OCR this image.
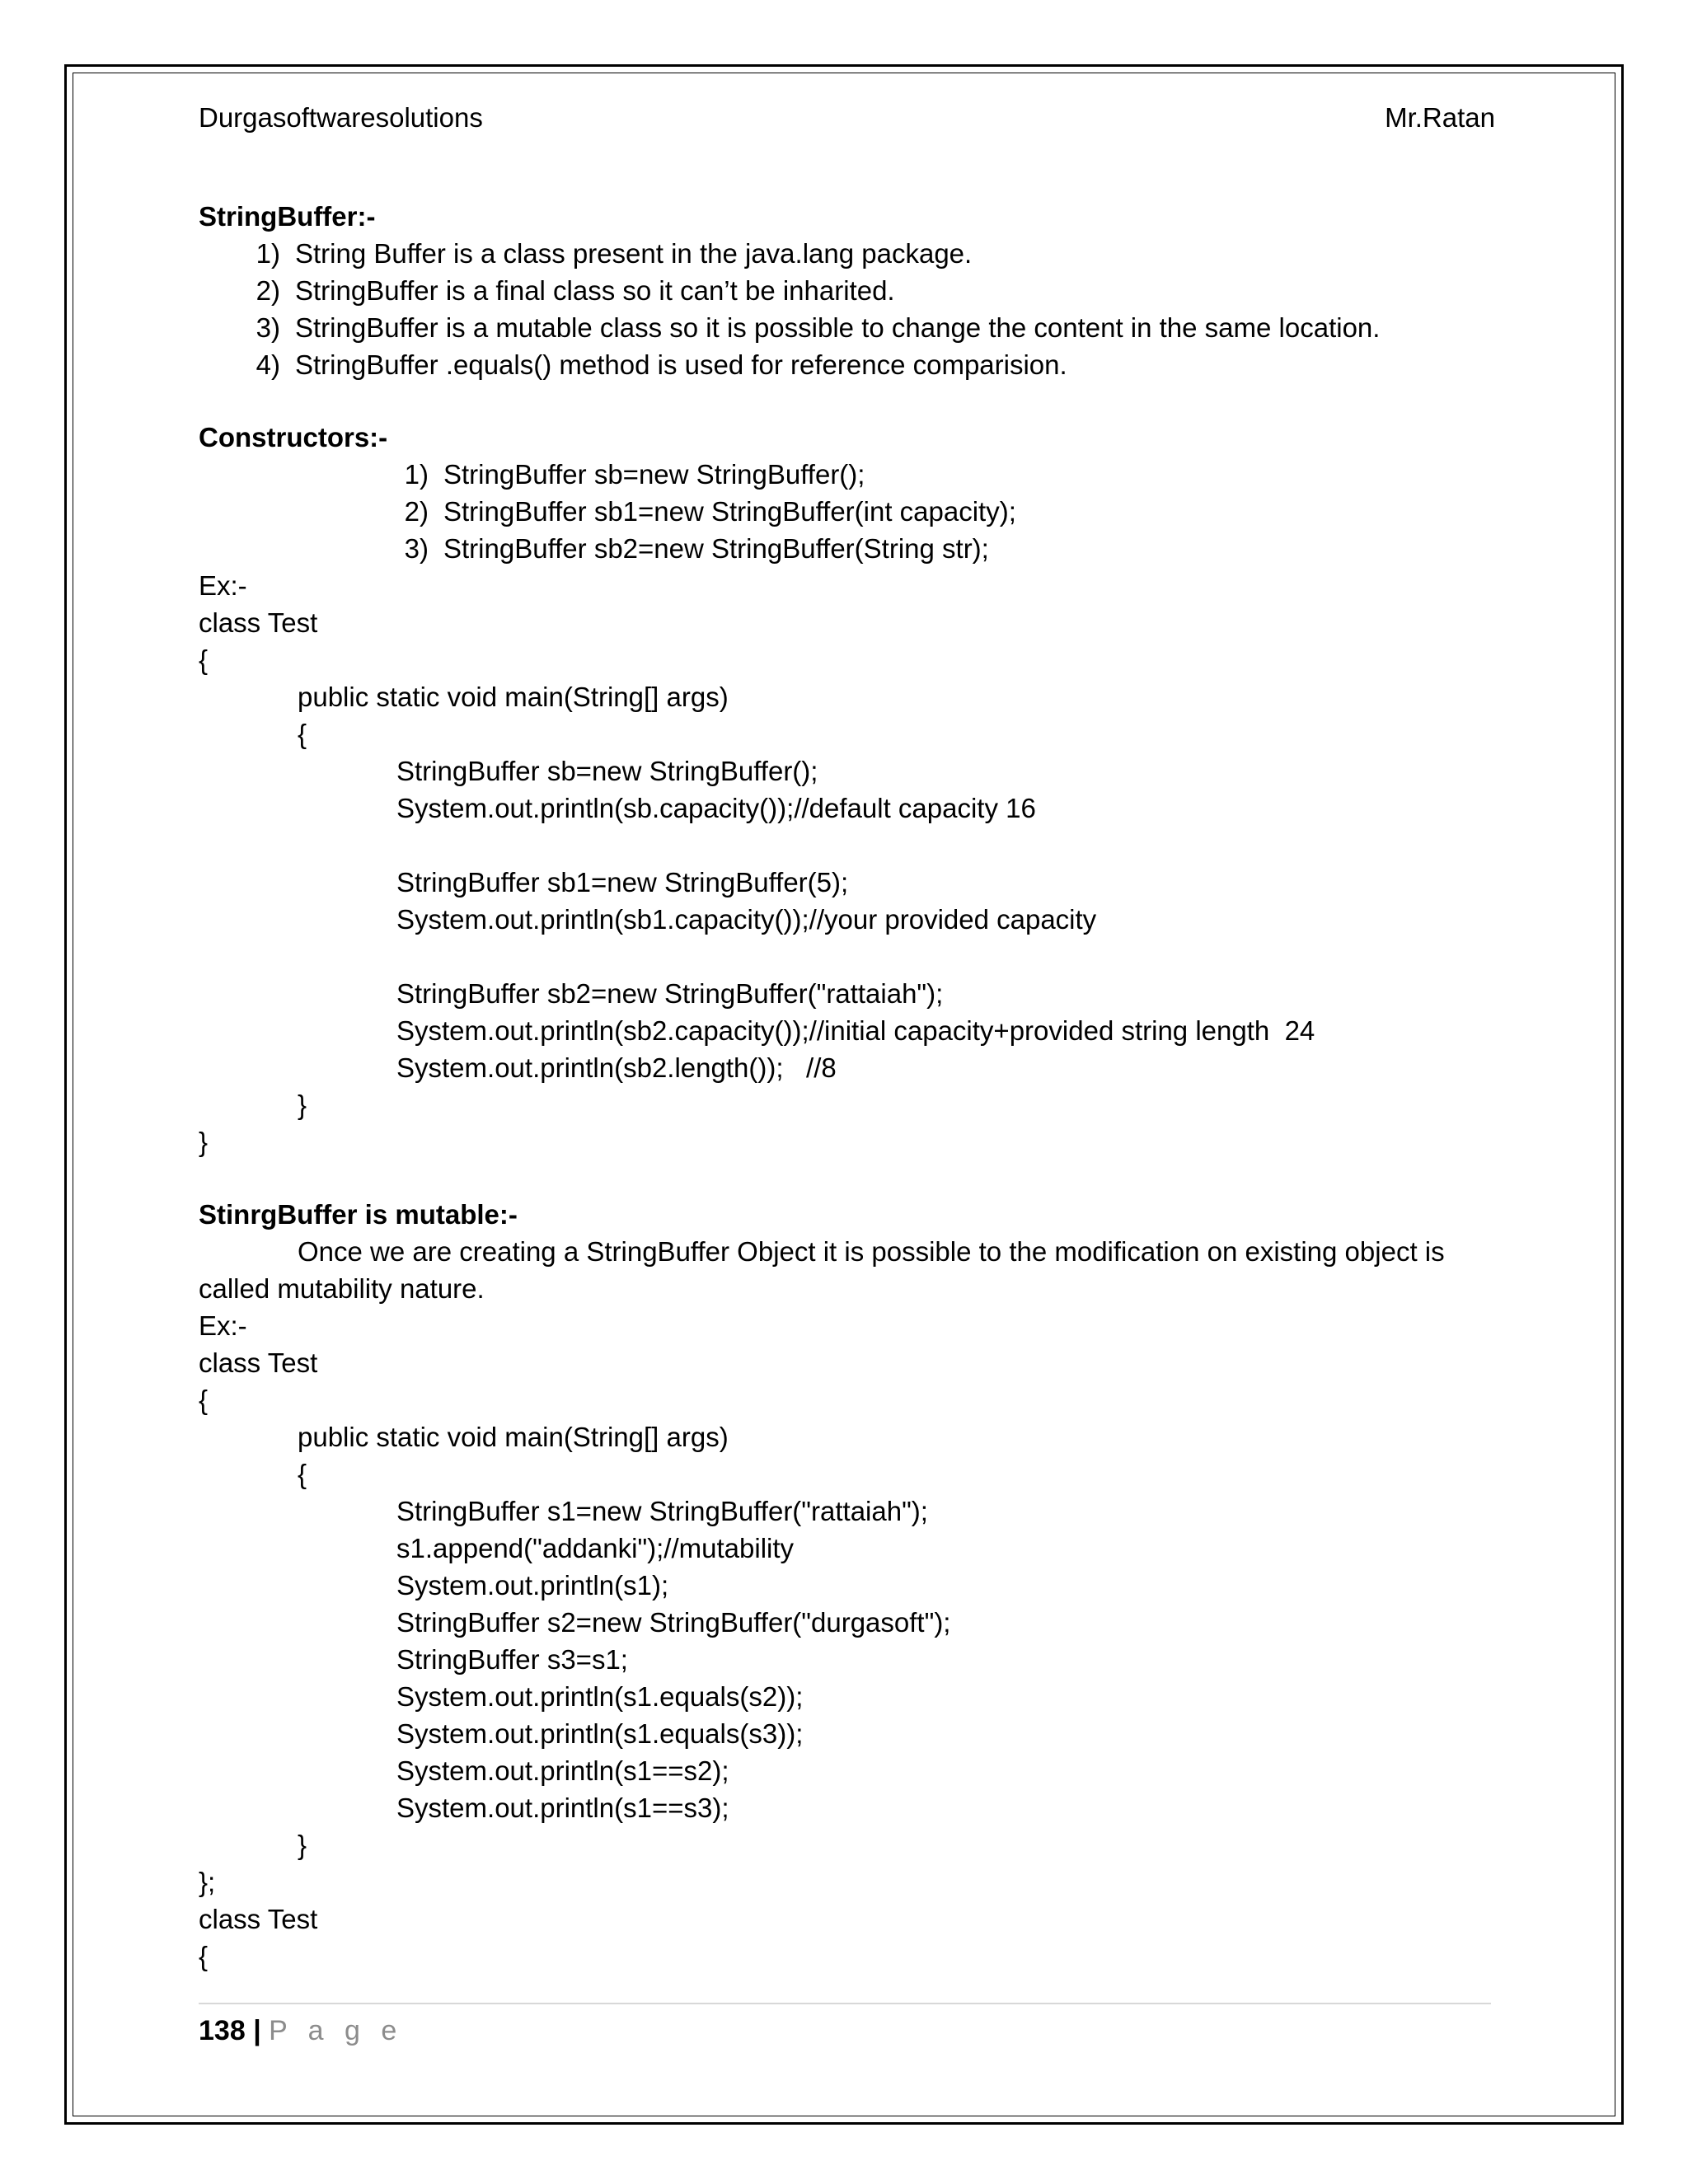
Durgasoftwaresolutions	Mr.Ratan
StringBuffer:-
1) String Buffer is a class present in the java.lang package.
2) StringBuffer is a final class so it can’t be inharited.
3) StringBuffer is a mutable class so it is possible to change the content in the same location.
4) StringBuffer .equals() method is used for reference comparision.
Constructors:-
1) StringBuffer sb=new StringBuffer();
2) StringBuffer sb1=new StringBuffer(int capacity);
3) StringBuffer sb2=new StringBuffer(String str);
Ex:-
class Test
{
public static void main(String[] args)
{
StringBuffer sb=new StringBuffer();
System.out.println(sb.capacity());//default capacity 16
StringBuffer sb1=new StringBuffer(5);
System.out.println(sb1.capacity());//your provided capacity
StringBuffer sb2=new StringBuffer("rattaiah");
System.out.println(sb2.capacity());//initial capacity+provided string length  24
System.out.println(sb2.length());   //8
}
}
StinrgBuffer is mutable:-
Once we are creating a StringBuffer Object it is possible to the modification on existing object is
called mutability nature.
Ex:-
class Test
{
public static void main(String[] args)
{
StringBuffer s1=new StringBuffer("rattaiah");
s1.append("addanki");//mutability
System.out.println(s1);
StringBuffer s2=new StringBuffer("durgasoft");
StringBuffer s3=s1;
System.out.println(s1.equals(s2));
System.out.println(s1.equals(s3));
System.out.println(s1==s2);
System.out.println(s1==s3);
}
};
class Test
{
138 | P a g e
